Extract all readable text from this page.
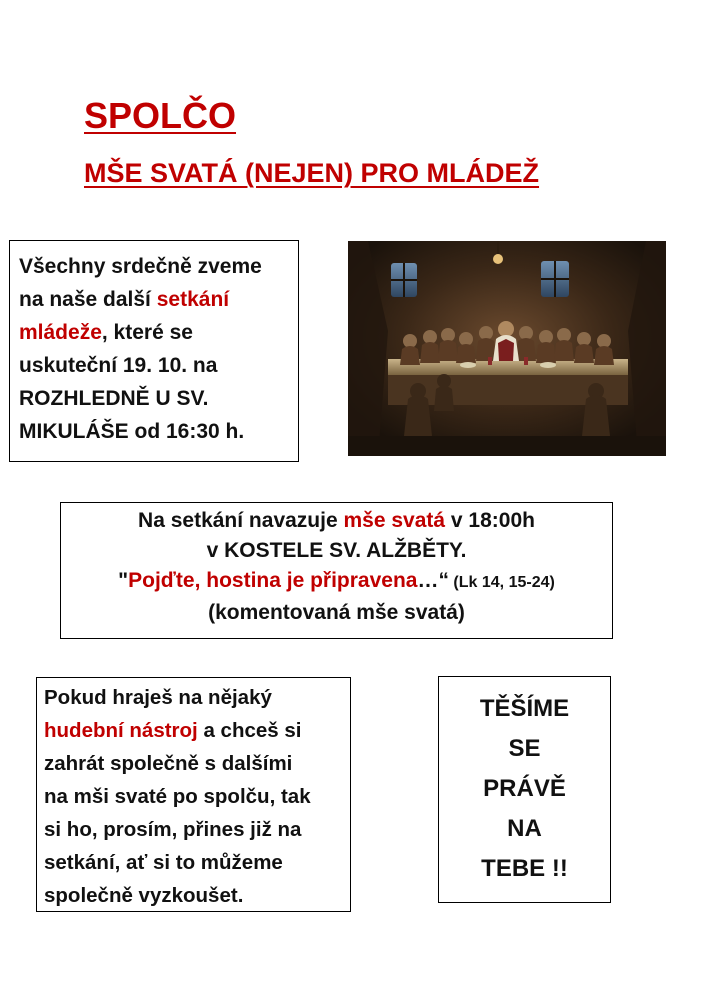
SPOLČO
MŠE SVATÁ (NEJEN) PRO MLÁDEŽ
Všechny srdečně zveme
na naše další setkání
mládeže, které se
uskuteční 19. 10. na
ROZHLEDNĚ U SV.
MIKULÁŠE od 16:30 h.
Na setkání navazuje mše svatá v 18:00h
v KOSTELE SV. ALŽBĚTY.
"Pojďte, hostina je připravena…“ (Lk 14, 15-24)
(komentovaná mše svatá)
Pokud hraješ na nějaký
hudební nástroj a chceš si
zahrát společně s dalšími
na mši svaté po spolču, tak
si ho, prosím, přines již na
setkání, ať si to můžeme
společně vyzkoušet.
TĚŠÍME
SE
PRÁVĚ
NA
TEBE !!
